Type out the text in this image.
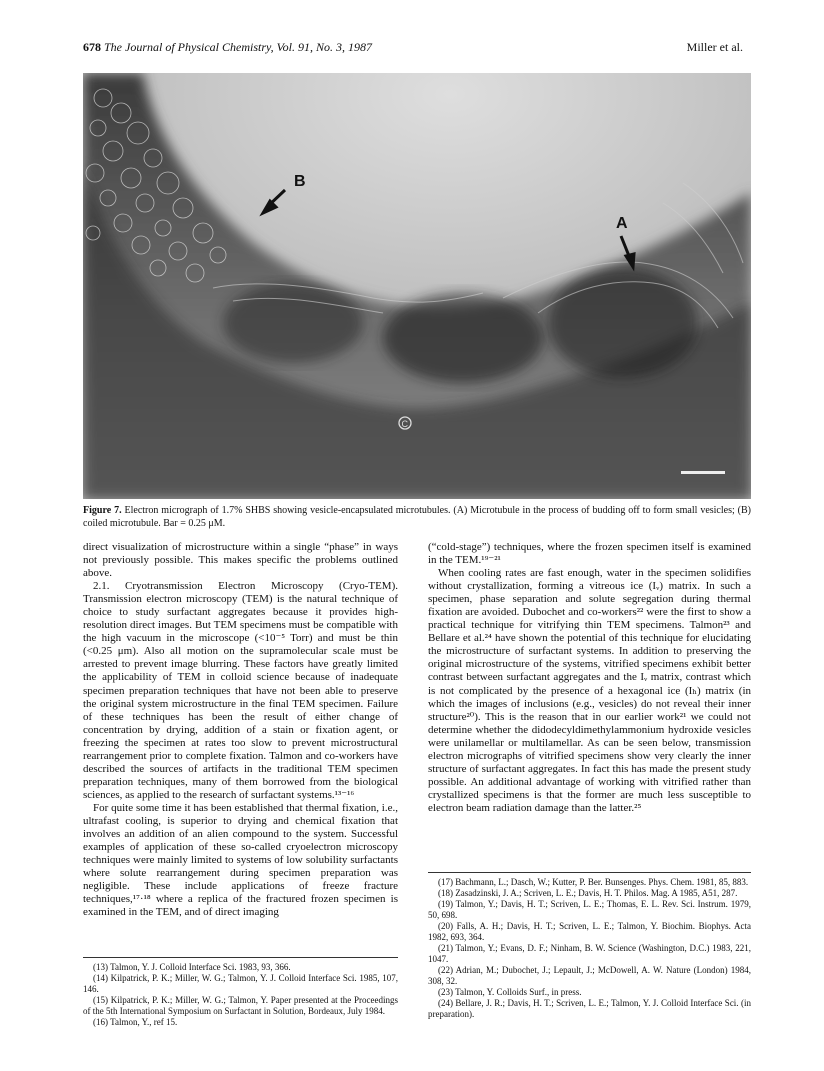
678 The Journal of Physical Chemistry, Vol. 91, No. 3, 1987	Miller et al.
B
A
C
Figure 7. Electron micrograph of 1.7% SHBS showing vesicle-encapsulated microtubules. (A) Microtubule in the process of budding off to form small vesicles; (B) coiled microtubule. Bar = 0.25 μM.

direct visualization of microstructure within a single “phase” in ways not previously possible. This makes specific the problems outlined above.

2.1. Cryotransmission Electron Microscopy (Cryo-TEM). Transmission electron microscopy (TEM) is the natural technique of choice to study surfactant aggregates because it provides high-resolution direct images. But TEM specimens must be compatible with the high vacuum in the microscope (<10⁻⁵ Torr) and must be thin (<0.25 μm). Also all motion on the supramolecular scale must be arrested to prevent image blurring. These factors have greatly limited the applicability of TEM in colloid science because of inadequate specimen preparation techniques that have not been able to preserve the original system microstructure in the final TEM specimen. Failure of these techniques has been the result of either change of concentration by drying, addition of a stain or fixation agent, or freezing the specimen at rates too slow to prevent microstructural rearrangement prior to complete fixation. Talmon and co-workers have described the sources of artifacts in the traditional TEM specimen preparation techniques, many of them borrowed from the biological sciences, as applied to the research of surfactant systems.¹³⁻¹⁶

For quite some time it has been established that thermal fixation, i.e., ultrafast cooling, is superior to drying and chemical fixation that involves an addition of an alien compound to the system. Successful examples of application of these so-called cryoelectron microscopy techniques were mainly limited to systems of low solubility surfactants where solute rearrangement during specimen preparation was negligible. These include applications of freeze fracture techniques,¹⁷·¹⁸ where a replica of the fractured frozen specimen is examined in the TEM, and of direct imaging

(“cold-stage”) techniques, where the frozen specimen itself is examined in the TEM.¹⁹⁻²¹

When cooling rates are fast enough, water in the specimen solidifies without crystallization, forming a vitreous ice (Iᵥ) matrix. In such a specimen, phase separation and solute segregation during thermal fixation are avoided. Dubochet and co-workers²² were the first to show a practical technique for vitrifying thin TEM specimens. Talmon²³ and Bellare et al.²⁴ have shown the potential of this technique for elucidating the microstructure of surfactant systems. In addition to preserving the original microstructure of the systems, vitrified specimens exhibit better contrast between surfactant aggregates and the Iᵥ matrix, contrast which is not complicated by the presence of a hexagonal ice (Iₕ) matrix (in which the images of inclusions (e.g., vesicles) do not reveal their inner structure²⁰). This is the reason that in our earlier work²¹ we could not determine whether the didodecyldimethylammonium hydroxide vesicles were unilamellar or multilamellar. As can be seen below, transmission electron micrographs of vitrified specimens show very clearly the inner structure of surfactant aggregates. In fact this has made the present study possible. An additional advantage of working with vitrified rather than crystallized specimens is that the former are much less susceptible to electron beam radiation damage than the latter.²⁵

(17) Bachmann, L.; Dasch, W.; Kutter, P. Ber. Bunsenges. Phys. Chem. 1981, 85, 883.
(18) Zasadzinski, J. A.; Scriven, L. E.; Davis, H. T. Philos. Mag. A 1985, A51, 287.
(19) Talmon, Y.; Davis, H. T.; Scriven, L. E.; Thomas, E. L. Rev. Sci. Instrum. 1979, 50, 698.
(20) Falls, A. H.; Davis, H. T.; Scriven, L. E.; Talmon, Y. Biochim. Biophys. Acta 1982, 693, 364.
(21) Talmon, Y.; Evans, D. F.; Ninham, B. W. Science (Washington, D.C.) 1983, 221, 1047.
(22) Adrian, M.; Dubochet, J.; Lepault, J.; McDowell, A. W. Nature (London) 1984, 308, 32.
(23) Talmon, Y. Colloids Surf., in press.
(24) Bellare, J. R.; Davis, H. T.; Scriven, L. E.; Talmon, Y. J. Colloid Interface Sci. (in preparation).
(13) Talmon, Y. J. Colloid Interface Sci. 1983, 93, 366.
(14) Kilpatrick, P. K.; Miller, W. G.; Talmon, Y. J. Colloid Interface Sci. 1985, 107, 146.
(15) Kilpatrick, P. K.; Miller, W. G.; Talmon, Y. Paper presented at the Proceedings of the 5th International Symposium on Surfactant in Solution, Bordeaux, July 1984.
(16) Talmon, Y., ref 15.
